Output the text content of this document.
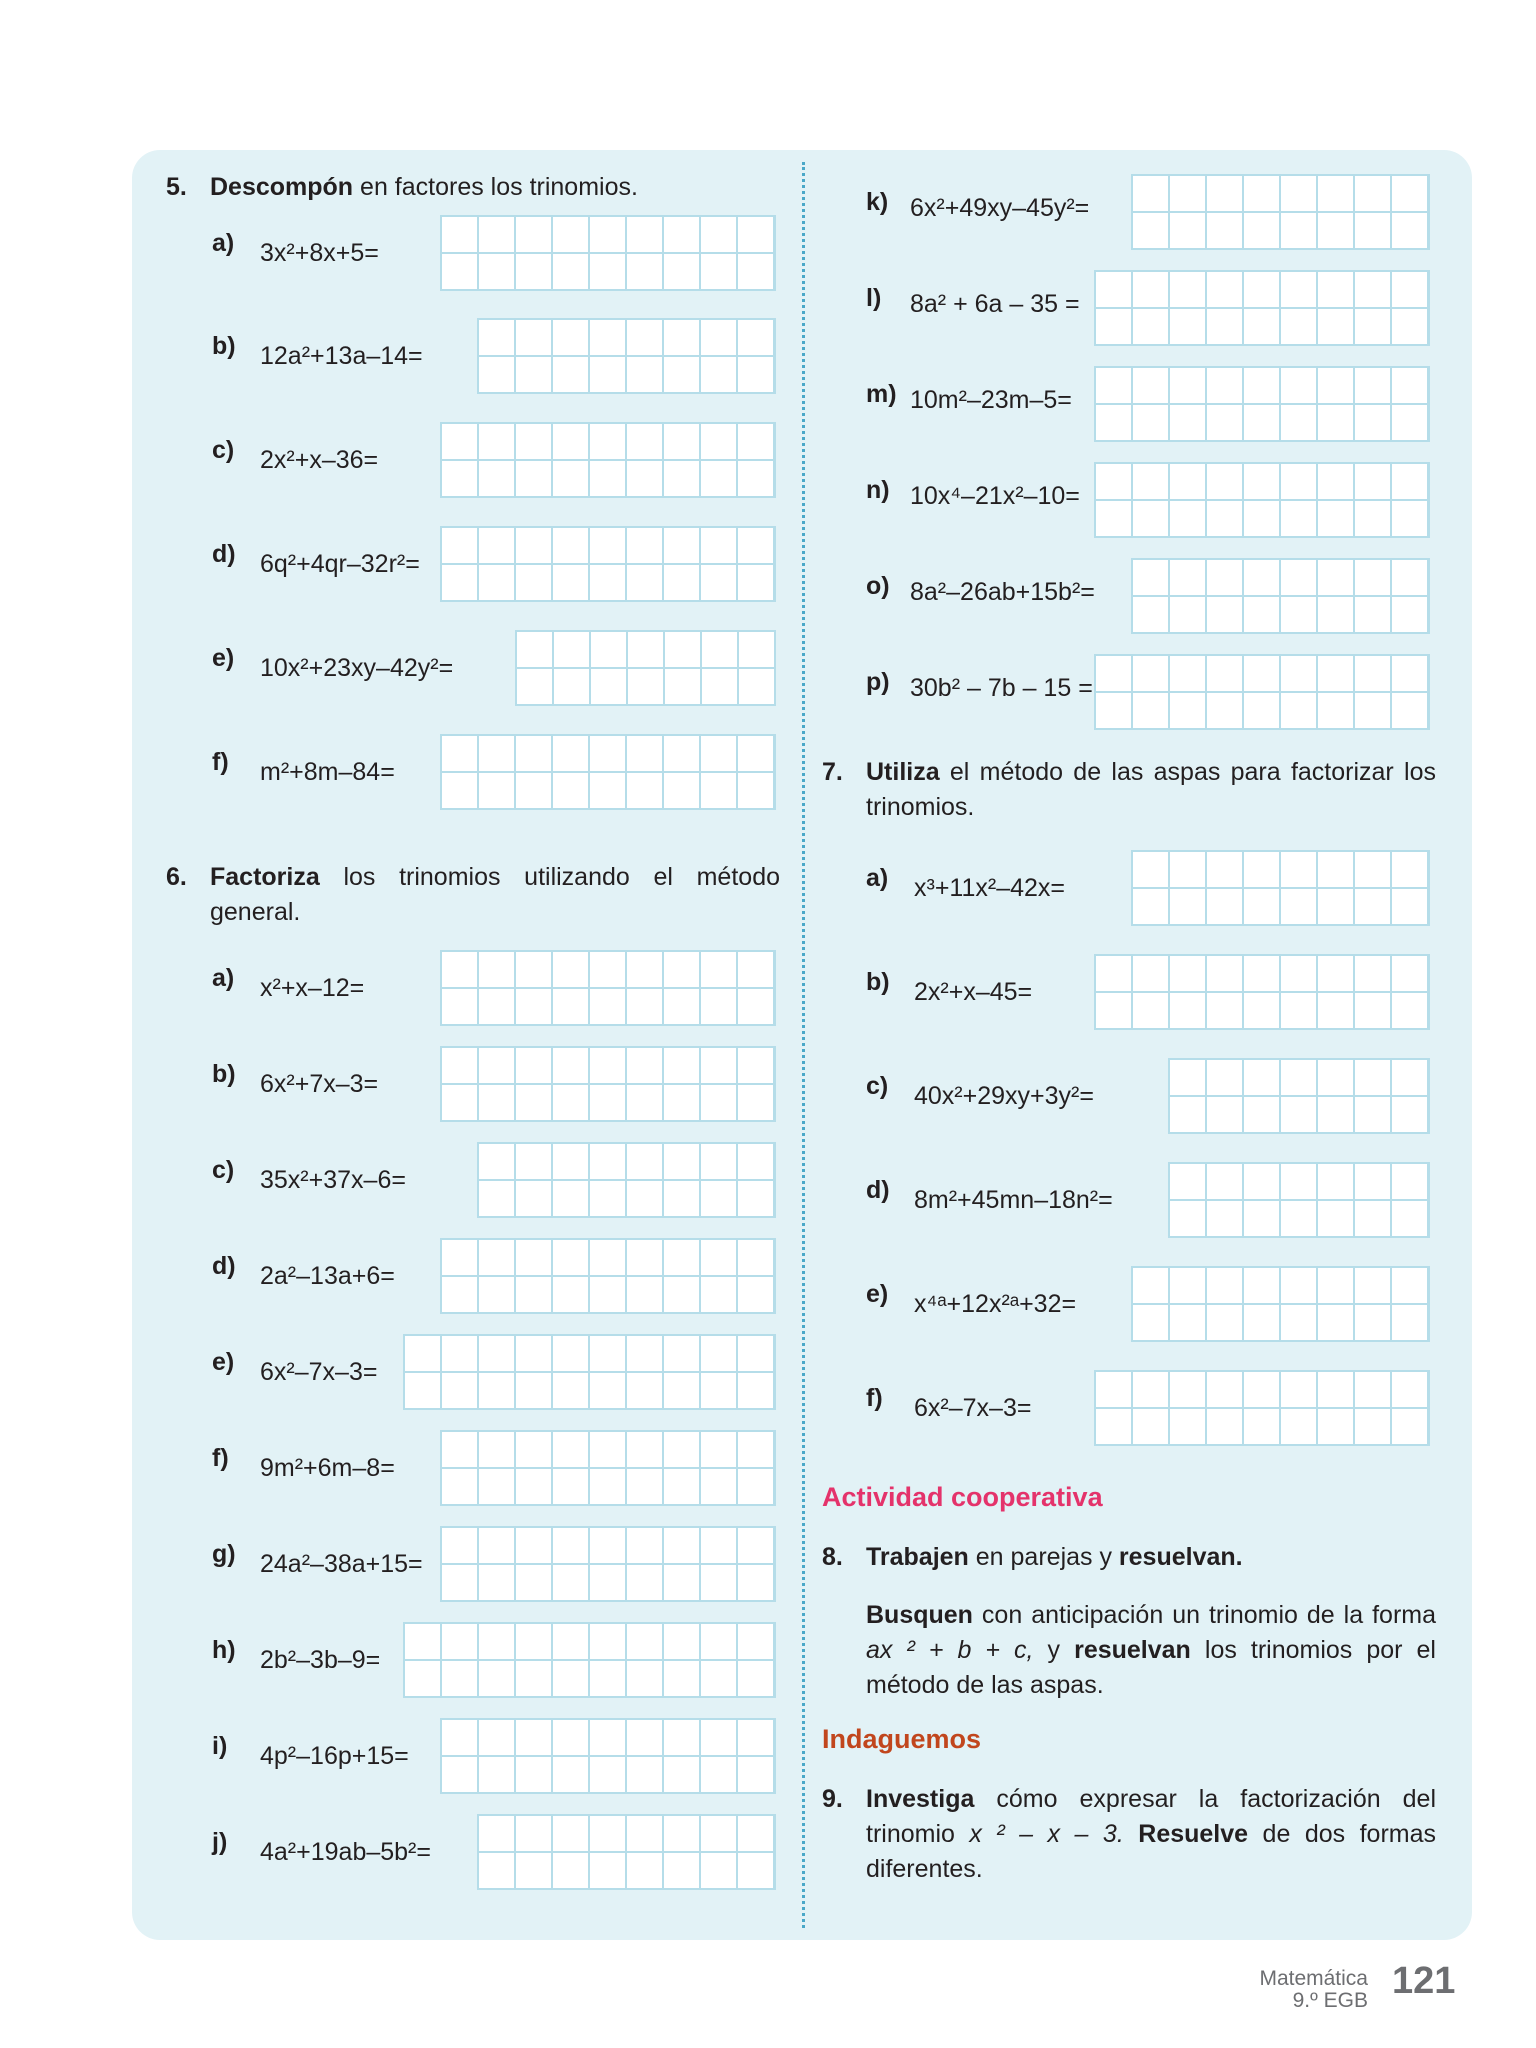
5. Descompón en factores los trinomios.
a) 3x²+8x+5=
b) 12a²+13a–14=
c) 2x²+x–36=
d) 6q²+4qr–32r²=
e) 10x²+23xy–42y²=
f) m²+8m–84=
6. Factoriza los trinomios utilizando el método general.
a) x²+x–12=
b) 6x²+7x–3=
c) 35x²+37x–6=
d) 2a²–13a+6=
e) 6x²–7x–3=
f) 9m²+6m–8=
g) 24a²–38a+15=
h) 2b²–3b–9=
i) 4p²–16p+15=
j) 4a²+19ab–5b²=
k) 6x²+49xy–45y²=
l) 8a² + 6a – 35 =
m) 10m²–23m–5=
n) 10x⁴–21x²–10=
o) 8a²–26ab+15b²=
p) 30b² – 7b – 15 =
7. Utiliza el método de las aspas para factorizar los trinomios.
a) x³+11x²–42x=
b) 2x²+x–45=
c) 40x²+29xy+3y²=
d) 8m²+45mn–18n²=
e) x⁴ᵃ+12x²ᵃ+32=
f) 6x²–7x–3=
Actividad cooperativa
8. Trabajen en parejas y resuelvan.
Busquen con anticipación un trinomio de la forma ax ² + b + c, y resuelvan los trinomios por el método de las aspas.
Indaguemos
9. Investiga cómo expresar la factorización del trinomio x ² – x – 3. Resuelve de dos formas diferentes.
Matemática
9.º EGB 121
